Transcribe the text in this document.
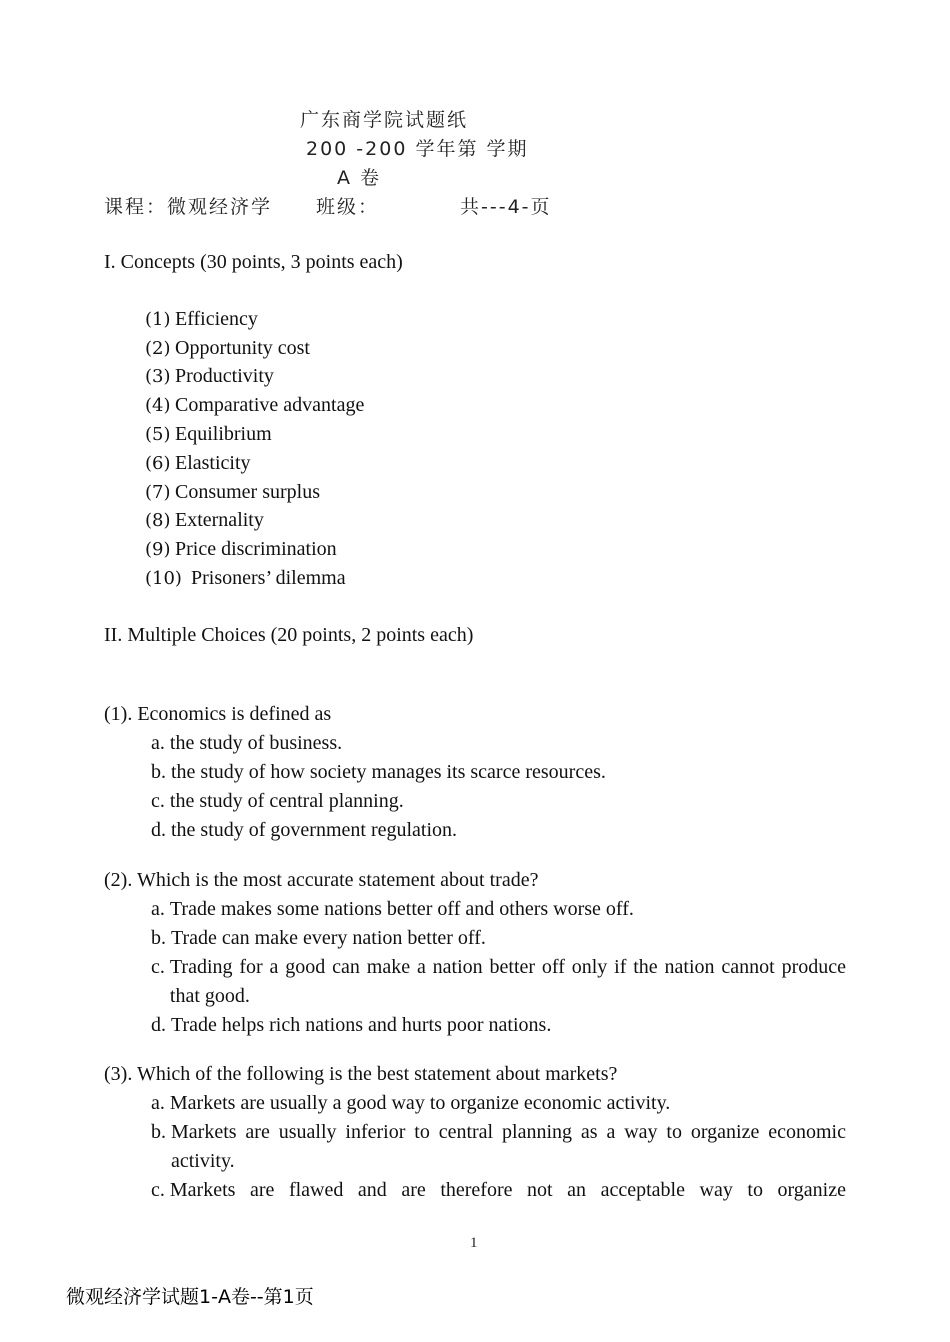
广东商学院试题纸
200 -200 学年第 学期
A 卷
课程：微观经济学 班级：	共---4-页
I. Concepts (30 points, 3 points each)
(1) Efficiency
(2) Opportunity cost
(3) Productivity
(4) Comparative advantage
(5) Equilibrium
(6) Elasticity
(7) Consumer surplus
(8) Externality
(9) Price discrimination
(10) Prisoners’ dilemma
II. Multiple Choices (20 points, 2 points each)

(1). Economics is defined as

a. the study of business.
b. the study of how society manages its scarce resources.
c. the study of central planning.
d. the study of government regulation.

(2). Which is the most accurate statement about trade?

a. Trade makes some nations better off and others worse off.
b. Trade can make every nation better off.
c. Trading for a good can make a nation better off only if the nation cannot produce that good.
d. Trade helps rich nations and hurts poor nations.

(3). Which of the following is the best statement about markets?

a. Markets are usually a good way to organize economic activity.
b. Markets are usually inferior to central planning as a way to organize economic activity.
c. Markets are flawed and are therefore not an acceptable way to organize
1
微观经济学试题1-A卷--第1页
